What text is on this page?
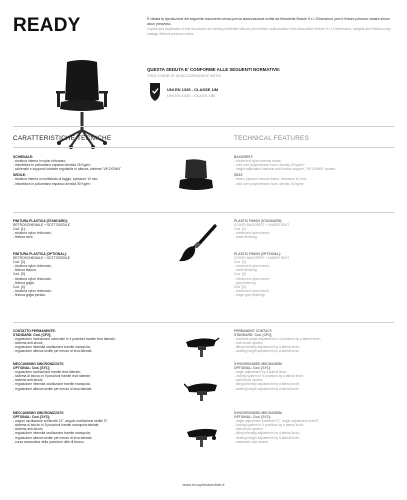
READY	È vietata la riproduzione del seguente documento senza previa autorizzazione scritta da Moschella Sedute S.r.l. Dimensioni, pesi e finiture possono variare senza alcun preavviso.

Copies and duplicates of this document are strictly prohibited without prior written authorisation from Moschella Sedute S.r.l. Dimensions, weights and finishes may change without previous notice.

QUESTA SEDUTA E' CONFORME ALLE SEGUENTI NORMATIVE:
THIS CHAIR IS IN ACCORDANCE WITH:
UNI EN 1335 - CLASSE 1IM
UNI EN 1335 - CLASS 1IM
CARATTERISTICHE TECNICHE	TECHNICAL FEATURES
SCHIENALE:
- struttura interna in nylon rinforzato;
- imbottitura in poliuretano espanso densità 25 Kg/m³;
- schienale e supporto lombare regolabile in altezza, sistema "UP-DOWN"
SEDILE:
- struttura interna in multistrato di faggio, spessore 10 mm;
- imbottitura in poliuretano espanso densità 30 Kg/m³.
BACKREST:
- reinforced nylon internal frame;
- cold cure polyurethane foam, density 25 kg/m³;
- height adjustable backrest and lumbar support, "UP-DOWN" system.
SEAT:
- beech plywood internal frame, thickness 10 mm;
- cold cure polyurethane foam, density 30 kg/m³.
FINITURA PLASTICA (STANDARD):
RETROSCHIENALE + SOTTOSEDILE
Cod. [1]:
- struttura nylon rinforzato;
- finitura nera.
PLASTIC FINISH (STANDARD):
COVER BACKREST + UNDER SEAT
Cod. [1]:
- reinforced nylon frame;
- black finishing.
FINITURA PLASTICA (OPTIONAL):
RETROSCHIENALE + SOTTOSEDILE
Cod. [3]:
- struttura nylon rinforzato;
- finitura bianca.
Cod. [3]:
- struttura nylon rinforzato;
- finitura grigia.
Cod. [4]:
- struttura nylon rinforzato;
- finitura grigia perlata.
PLASTIC FINISH (OPTIONAL):
COVER BACKREST + UNDER SEAT
Cod. [3]:
- reinforced nylon frame;
- white finishing.
Cod. [3]:
- reinforced nylon frame;
- grey finishing.
Cod. [4]:
- reinforced nylon frame;
- beige grey finishing.
CONTATTO PERMANENTE:
STANDARD: Cod. [CP2];
- regolazione inclinazione schienale in 4 posizioni tramite leva laterale;
- sistema anti-shock;
- regolazione intensità oscillazione tramite manopola;
- regolazione altezza sedile per mezzo di leva laterale.
PERMANENT CONTACT:
STANDARD: Cod. [CP2];
- backrest angle adjustment in 4 positions by a lateral lever;
- anti-shock system;
- tilting intensity adjustment by a lateral knob;
- seating height adjustment by a lateral lever.
MECCANISMO SINCRONIZZATO
OPTIONAL: Cod. [SY1];
- regolazione inclinazione tramite leva laterale;
- sistema di blocco in 5 posizioni tramite leva laterale;
- sistema anti-shock;
- regolazione intensità oscillazione tramite manopola;
- regolazione altezza sedile per mezzo di leva laterale.
SYNCHRONISED MECHANISM
OPTIONAL: Cod. [SY1];
- angle adjustment by a lateral lever;
- locking system in 5 positions by a lateral lever;
- anti-shock system;
- tilting intensity adjustment by a lateral knob;
- seating height adjustment by a lateral lever.
MECCANISMO SINCRONIZZATO
OPTIONAL: Cod. [SY2];
- angolo oscillazione schienale 21°, angolo oscillazione sedile 9°;
- sistema di blocco in 5 posizioni tramite manopola laterale;
- sistema anti-shock;
- regolazione intensità oscillazione tramite manopola;
- regolazione altezza sedile per mezzo di leva laterale;
- corsa automatica della posizione utile di blocco.
SYNCHRONISED MECHANISM
OPTIONAL: Cod. [SY2];
- angle adjustment backrest 21°, angle adjustment seat 9°;
- locking system in 5 positions by a lateral knob;
- anti-shock system;
- tilting intensity adjustment by a lateral knob;
- seating height adjustment by a lateral lever;
- automatic stop search.
www.mosphelasedute.it
